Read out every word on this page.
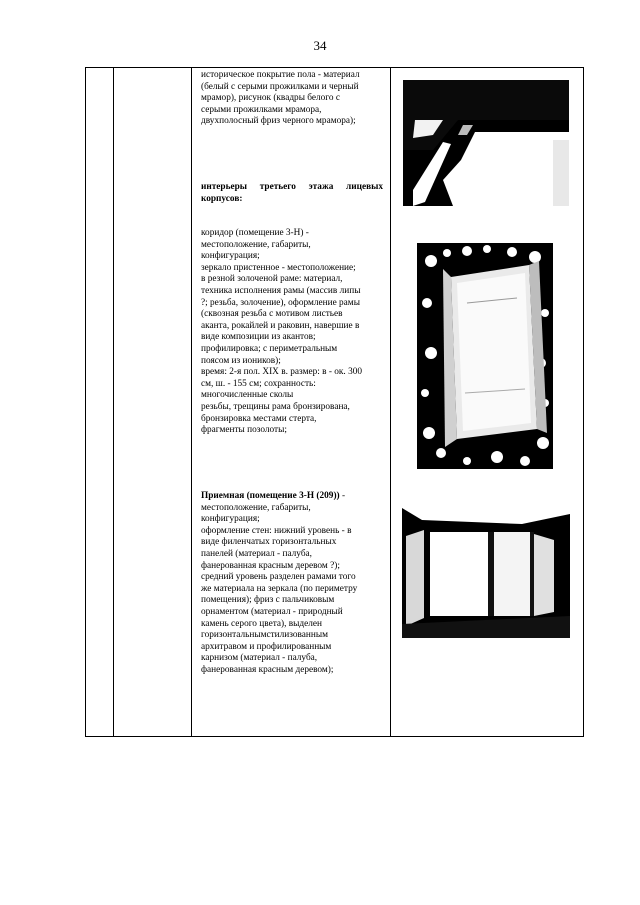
34

историческое покрытие пола - материал

(белый с серыми прожилками и черный

мрамор), рисунок (квадры белого с

серыми прожилками мрамора,

двухполосный фриз черного мрамора);

интерьеры третьего этажа лицевых корпусов:

коридор (помещение 3-Н) -

местоположение, габариты,

конфигурация;

зеркало пристенное - местоположение;

в резной золоченой раме: материал,

техника исполнения рамы (массив липы

?; резьба, золочение), оформление рамы

(сквозная резьба с мотивом листьев

аканта, рокайлей и раковин, навершие в

виде композиции из акантов;

профилировка; с периметральным

поясом из иоников);

время: 2-я пол. XIX в. размер: в - ок. 300

см, ш. - 155 см; сохранность:

многочисленные сколы

резьбы, трещины рама бронзирована,

бронзировка местами стерта,

фрагменты позолоты;

Приемная (помещение 3-Н (209)) -

местоположение, габариты,

конфигурация;

оформление стен: нижний уровень - в

виде филенчатых горизонтальных

панелей (материал - палуба,

фанерованная красным деревом ?);

средний уровень разделен рамами того

же материала на зеркала (по периметру

помещения); фриз с пальчиковым

орнаментом (материал - природный

камень серого цвета), выделен

горизонтальнымстилизованным

архитравом и профилированным

карнизом (материал - палуба,

фанерованная красным деревом);
